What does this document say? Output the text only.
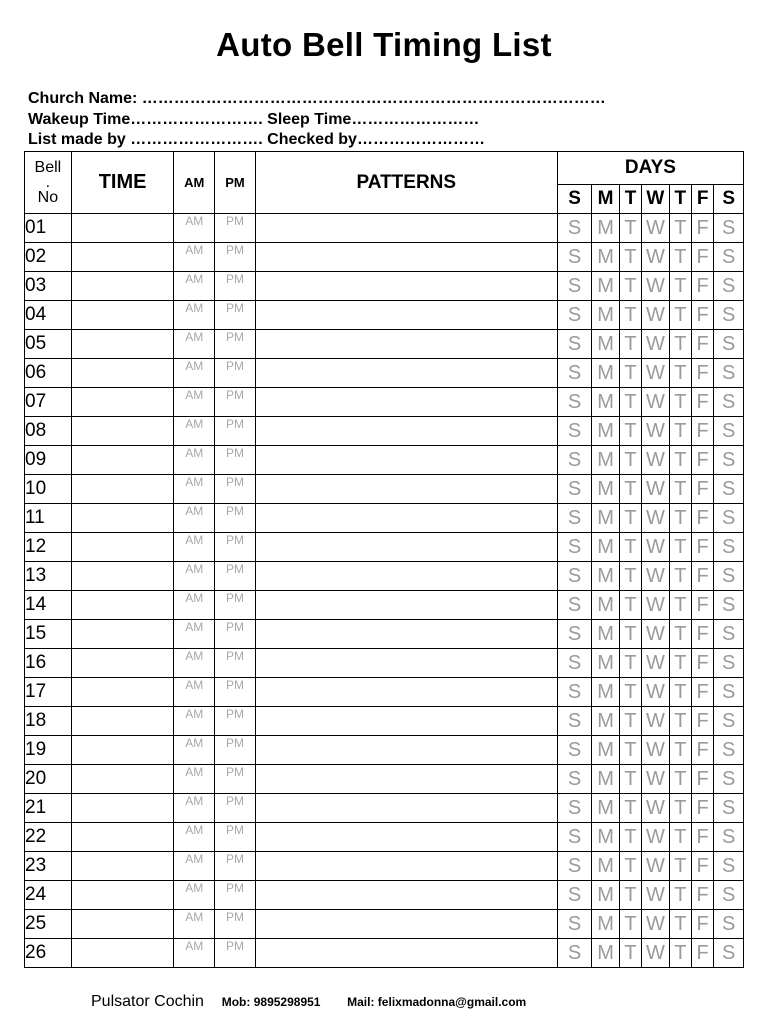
Auto Bell Timing List
Church Name: ……………………………………………………………………………
Wakeup Time……………………. Sleep Time……………………
List made by ……………………. Checked by……………………
Bell
.
No	TIME	AM	PM	PATTERNS	DAYS						
					S	M	T	W	T	F	S
01		AM	PM		S	M	T	W	T	F	S
02		AM	PM		S	M	T	W	T	F	S
03		AM	PM		S	M	T	W	T	F	S
04		AM	PM		S	M	T	W	T	F	S
05		AM	PM		S	M	T	W	T	F	S
06		AM	PM		S	M	T	W	T	F	S
07		AM	PM		S	M	T	W	T	F	S
08		AM	PM		S	M	T	W	T	F	S
09		AM	PM		S	M	T	W	T	F	S
10		AM	PM		S	M	T	W	T	F	S
11		AM	PM		S	M	T	W	T	F	S
12		AM	PM		S	M	T	W	T	F	S
13		AM	PM		S	M	T	W	T	F	S
14		AM	PM		S	M	T	W	T	F	S
15		AM	PM		S	M	T	W	T	F	S
16		AM	PM		S	M	T	W	T	F	S
17		AM	PM		S	M	T	W	T	F	S
18		AM	PM		S	M	T	W	T	F	S
19		AM	PM		S	M	T	W	T	F	S
20		AM	PM		S	M	T	W	T	F	S
21		AM	PM		S	M	T	W	T	F	S
22		AM	PM		S	M	T	W	T	F	S
23		AM	PM		S	M	T	W	T	F	S
24		AM	PM		S	M	T	W	T	F	S
25		AM	PM		S	M	T	W	T	F	S
26		AM	PM		S	M	T	W	T	F	S
Pulsator Cochin Mob: 9895298951 Mail: felixmadonna@gmail.com
